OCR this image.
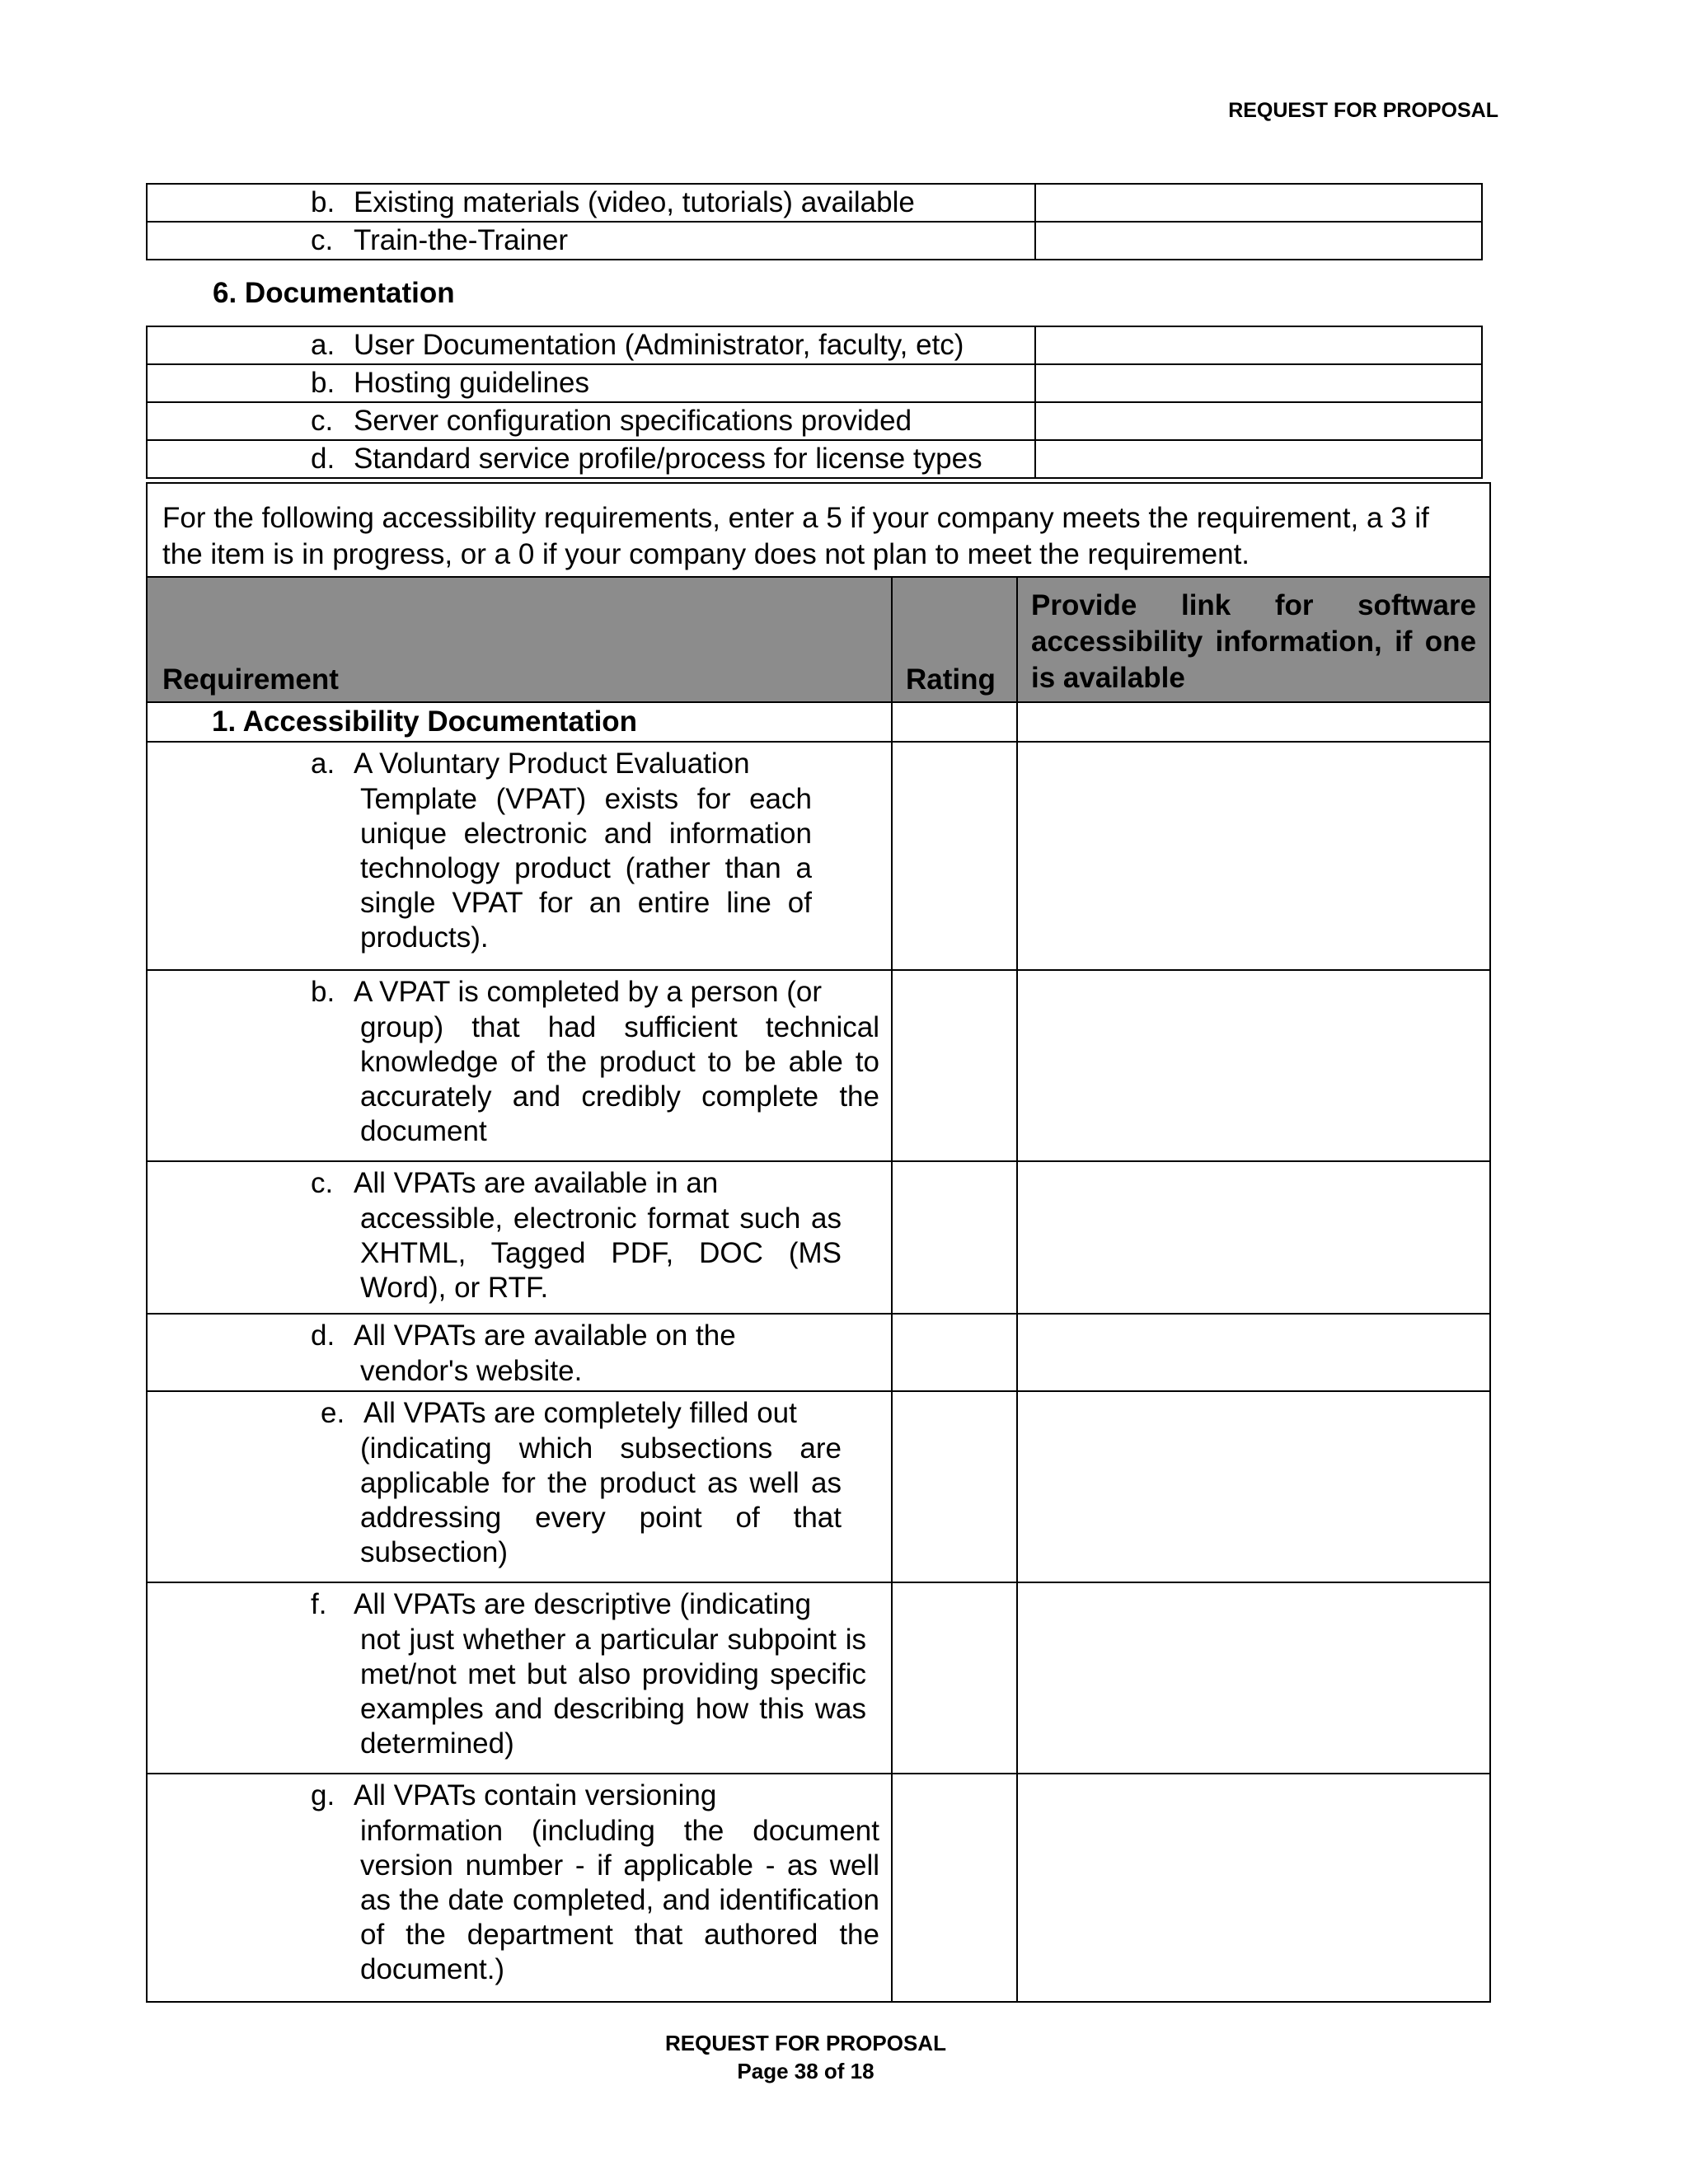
REQUEST FOR PROPOSAL
b. Existing materials (video, tutorials) available	
c. Train-the-Trainer	
6. Documentation
a. User Documentation (Administrator, faculty, etc)	
b. Hosting guidelines	
c. Server configuration specifications provided	
d. Standard service profile/process for license types	
For the following accessibility requirements, enter a 5 if your company meets the requirement, a 3 if the item is in progress, or a 0 if your company does not plan to meet the requirement.		
Requirement	Rating	Provide link for software accessibility information, if one is available
1. Accessibility Documentation		

a. A Voluntary Product Evaluation
Template (VPAT) exists for each unique electronic and information technology product (rather than a single VPAT for an entire line of products).		

b. A VPAT is completed by a person (or
group) that had sufficient technical knowledge of the product to be able to accurately and credibly complete the document		

c. All VPATs are available in an
accessible, electronic format such as XHTML, Tagged PDF, DOC (MS Word), or RTF.		

d. All VPATs are available on the
vendor's website.		

e. All VPATs are completely filled out
(indicating which subsections are applicable for the product as well as addressing every point of that subsection)		

f. All VPATs are descriptive (indicating
not just whether a particular subpoint is met/not met but also providing specific examples and describing how this was determined)		

g. All VPATs contain versioning
information (including the document version number - if applicable - as well as the date completed, and identification of the department that authored the document.)		

REQUEST FOR PROPOSAL
Page 38 of 18
